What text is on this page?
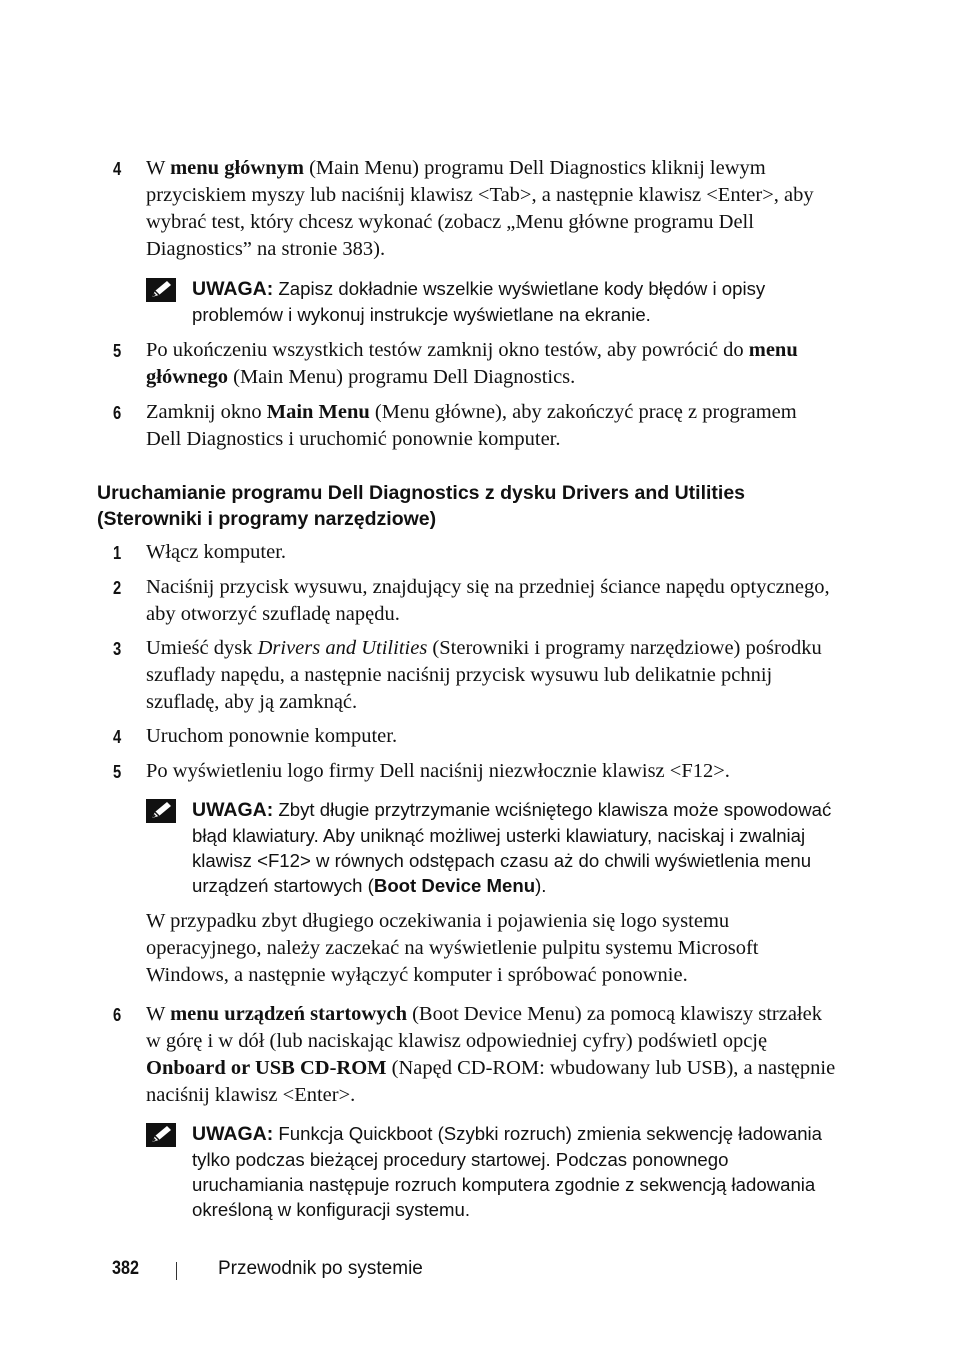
4 W menu głównym (Main Menu) programu Dell Diagnostics kliknij lewym przyciskiem myszy lub naciśnij klawisz <Tab>, a następnie klawisz <Enter>, aby wybrać test, który chcesz wykonać (zobacz „Menu główne programu Dell Diagnostics” na stronie 383).
UWAGA: Zapisz dokładnie wszelkie wyświetlane kody błędów i opisy problemów i wykonuj instrukcje wyświetlane na ekranie.
5 Po ukończeniu wszystkich testów zamknij okno testów, aby powrócić do menu głównego (Main Menu) programu Dell Diagnostics.
6 Zamknij okno Main Menu (Menu główne), aby zakończyć pracę z programem Dell Diagnostics i uruchomić ponownie komputer.
Uruchamianie programu Dell Diagnostics z dysku Drivers and Utilities (Sterowniki i programy narzędziowe)
1 Włącz komputer.
2 Naciśnij przycisk wysuwu, znajdujący się na przedniej ściance napędu optycznego, aby otworzyć szufladę napędu.
3 Umieść dysk Drivers and Utilities (Sterowniki i programy narzędziowe) pośrodku szuflady napędu, a następnie naciśnij przycisk wysuwu lub delikatnie pchnij szufladę, aby ją zamknąć.
4 Uruchom ponownie komputer.
5 Po wyświetleniu logo firmy Dell naciśnij niezwłocznie klawisz <F12>.
UWAGA: Zbyt długie przytrzymanie wciśniętego klawisza może spowodować błąd klawiatury. Aby uniknąć możliwej usterki klawiatury, naciskaj i zwalniaj klawisz <F12> w równych odstępach czasu aż do chwili wyświetlenia menu urządzeń startowych (Boot Device Menu).
W przypadku zbyt długiego oczekiwania i pojawienia się logo systemu operacyjnego, należy zaczekać na wyświetlenie pulpitu systemu Microsoft Windows, a następnie wyłączyć komputer i spróbować ponownie.
6 W menu urządzeń startowych (Boot Device Menu) za pomocą klawiszy strzałek w górę i w dół (lub naciskając klawisz odpowiedniej cyfry) podświetl opcję Onboard or USB CD-ROM (Napęd CD-ROM: wbudowany lub USB), a następnie naciśnij klawisz <Enter>.
UWAGA: Funkcja Quickboot (Szybki rozruch) zmienia sekwencję ładowania tylko podczas bieżącej procedury startowej. Podczas ponownego uruchamiania następuje rozruch komputera zgodnie z sekwencją ładowania określoną w konfiguracji systemu.
382	Przewodnik po systemie
